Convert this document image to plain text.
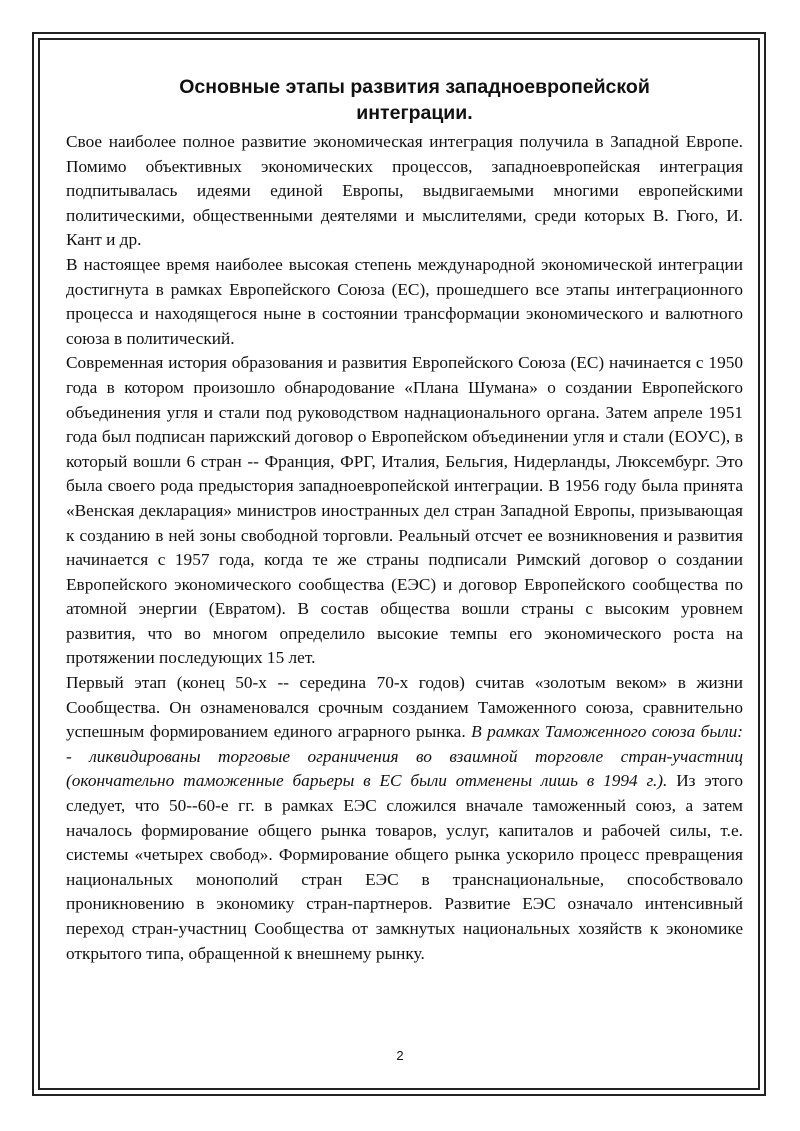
Основные этапы развития западноевропейской интеграции.

Свое наиболее полное развитие экономическая интеграция получила в Западной Европе. Помимо объективных экономических процессов, западноевропейская интеграция подпитывалась идеями единой Европы, выдвигаемыми многими европейскими политическими, общественными деятелями и мыслителями, среди которых В. Гюго, И. Кант и др.

В настоящее время наиболее высокая степень международной экономической интеграции достигнута в рамках Европейского Союза (ЕС), прошедшего все этапы интеграционного процесса и находящегося ныне в состоянии трансформации экономического и валютного союза в политический.

Современная история образования и развития Европейского Союза (ЕС) начинается с 1950 года в котором произошло обнародование «Плана Шумана» о создании Европейского объединения угля и стали под руководством наднационального органа. Затем апреле 1951 года был подписан парижский договор о Европейском объединении угля и стали (ЕОУС), в который вошли 6 стран -- Франция, ФРГ, Италия, Бельгия, Нидерланды, Люксембург. Это была своего рода предыстория западноевропейской интеграции. В 1956 году была принята «Венская декларация» министров иностранных дел стран Западной Европы, призывающая к созданию в ней зоны свободной торговли. Реальный отсчет ее возникновения и развития начинается с 1957 года, когда те же страны подписали Римский договор о создании Европейского экономического сообщества (ЕЭС) и договор Европейского сообщества по атомной энергии (Евратом). В состав общества вошли страны с высоким уровнем развития, что во многом определило высокие темпы его экономического роста на протяжении последующих 15 лет.

Первый этап (конец 50-х -- середина 70-х годов) считав «золотым веком» в жизни Сообщества. Он ознаменовался срочным созданием Таможенного союза, сравнительно успешным формированием единого аграрного рынка. В рамках Таможенного союза были: - ликвидированы торговые ограничения во взаимной торговле стран-участниц (окончательно таможенные барьеры в ЕС были отменены лишь в 1994 г.). Из этого следует, что 50--60-е гг. в рамках ЕЭС сложился вначале таможенный союз, а затем началось формирование общего рынка товаров, услуг, капиталов и рабочей силы, т.е. системы «четырех свобод». Формирование общего рынка ускорило процесс превращения национальных монополий стран ЕЭС в транснациональные, способствовало проникновению в экономику стран-партнеров. Развитие ЕЭС означало интенсивный переход стран-участниц Сообщества от замкнутых национальных хозяйств к экономике открытого типа, обращенной к внешнему рынку.

2
